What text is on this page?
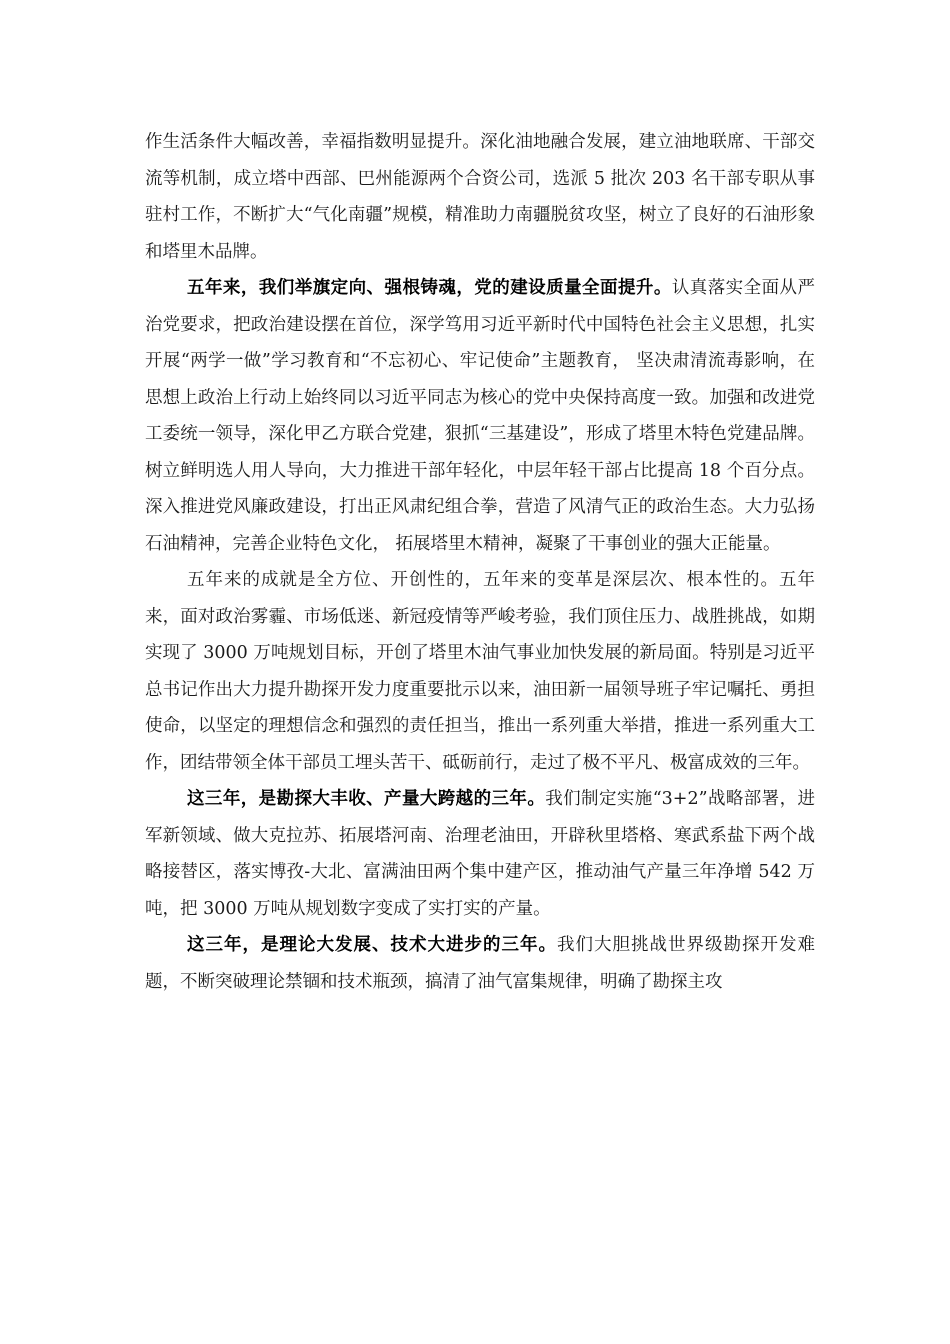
作生活条件大幅改善，幸福指数明显提升。深化油地融合发展，建立油地联席、干部交流等机制，成立塔中西部、巴州能源两个合资公司，选派 5 批次 203 名干部专职从事驻村工作，不断扩大“气化南疆”规模，精准助力南疆脱贫攻坚，树立了良好的石油形象和塔里木品牌。

五年来，我们举旗定向、强根铸魂，党的建设质量全面提升。认真落实全面从严治党要求，把政治建设摆在首位，深学笃用习近平新时代中国特色社会主义思想，扎实开展“两学一做”学习教育和“不忘初心、牢记使命”主题教育， 坚决肃清流毒影响，在思想上政治上行动上始终同以习近平同志为核心的党中央保持高度一致。加强和改进党工委统一领导，深化甲乙方联合党建，狠抓“三基建设”，形成了塔里木特色党建品牌。树立鲜明选人用人导向，大力推进干部年轻化，中层年轻干部占比提高 18 个百分点。深入推进党风廉政建设，打出正风肃纪组合拳，营造了风清气正的政治生态。大力弘扬石油精神，完善企业特色文化， 拓展塔里木精神，凝聚了干事创业的强大正能量。

五年来的成就是全方位、开创性的，五年来的变革是深层次、根本性的。五年来，面对政治雾霾、市场低迷、新冠疫情等严峻考验，我们顶住压力、战胜挑战，如期实现了 3000 万吨规划目标，开创了塔里木油气事业加快发展的新局面。特别是习近平总书记作出大力提升勘探开发力度重要批示以来，油田新一届领导班子牢记嘱托、勇担使命，以坚定的理想信念和强烈的责任担当，推出一系列重大举措，推进一系列重大工作，团结带领全体干部员工埋头苦干、砥砺前行，走过了极不平凡、极富成效的三年。

这三年，是勘探大丰收、产量大跨越的三年。我们制定实施“3+2”战略部署，进军新领域、做大克拉苏、拓展塔河南、治理老油田，开辟秋里塔格、寒武系盐下两个战略接替区，落实博孜-大北、富满油田两个集中建产区，推动油气产量三年净增 542 万吨，把 3000 万吨从规划数字变成了实打实的产量。

这三年，是理论大发展、技术大进步的三年。我们大胆挑战世界级勘探开发难题，不断突破理论禁锢和技术瓶颈，搞清了油气富集规律，明确了勘探主攻
